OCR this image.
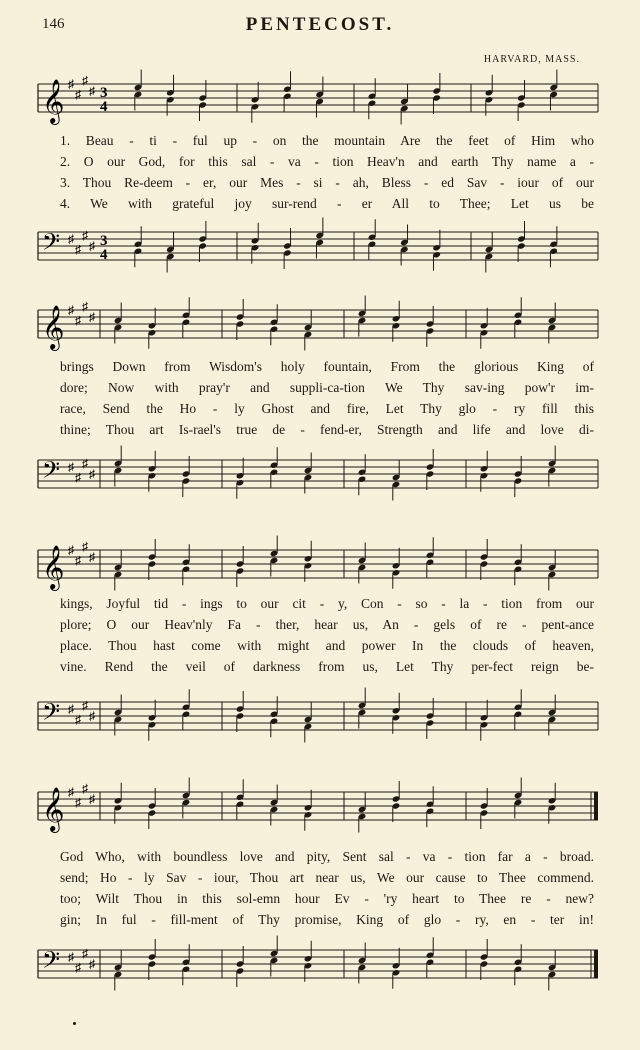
146	PENTECOST.
HARVARD, MASS.
𝄞 ♯
♯
♯
♯ 3
4
1. Beau - ti - ful up - on the mountain Are the feet of Him who
2. O our God, for this sal - va - tion Heav'n and earth Thy name a -
3. Thou Re-deem - er, our Mes - si - ah, Bless - ed Sav - iour of our
4. We with grateful joy sur-rend - er All to Thee; Let us be
𝄢 ♯
♯
♯
♯ 3
4
𝄞 ♯
♯
♯
♯
brings Down from Wisdom's holy fountain, From the glorious King of
dore; Now with pray'r and suppli-ca-tion We Thy sav-ing pow'r im-
race, Send the Ho - ly Ghost and fire, Let Thy glo - ry fill this
thine; Thou art Is-rael's true de - fend-er, Strength and life and love di-
𝄢 ♯
♯
♯
♯
𝄞 ♯
♯
♯
♯
kings, Joyful tid - ings to our cit - y, Con - so - la - tion from our
plore; O our Heav'nly Fa - ther, hear us, An - gels of re - pent-ance
place. Thou hast come with might and power In the clouds of heaven,
vine. Rend the veil of darkness from us, Let Thy per-fect reign be-
𝄢 ♯
♯
♯
♯
𝄞 ♯
♯
♯
♯
God Who, with boundless love and pity, Sent sal - va - tion far a - broad.
send; Ho - ly Sav - iour, Thou art near us, We our cause to Thee commend.
too; Wilt Thou in this sol-emn hour Ev - 'ry heart to Thee re - new?
gin; In ful - fill-ment of Thy promise, King of glo - ry, en - ter in!
𝄢 ♯
♯
♯
♯
